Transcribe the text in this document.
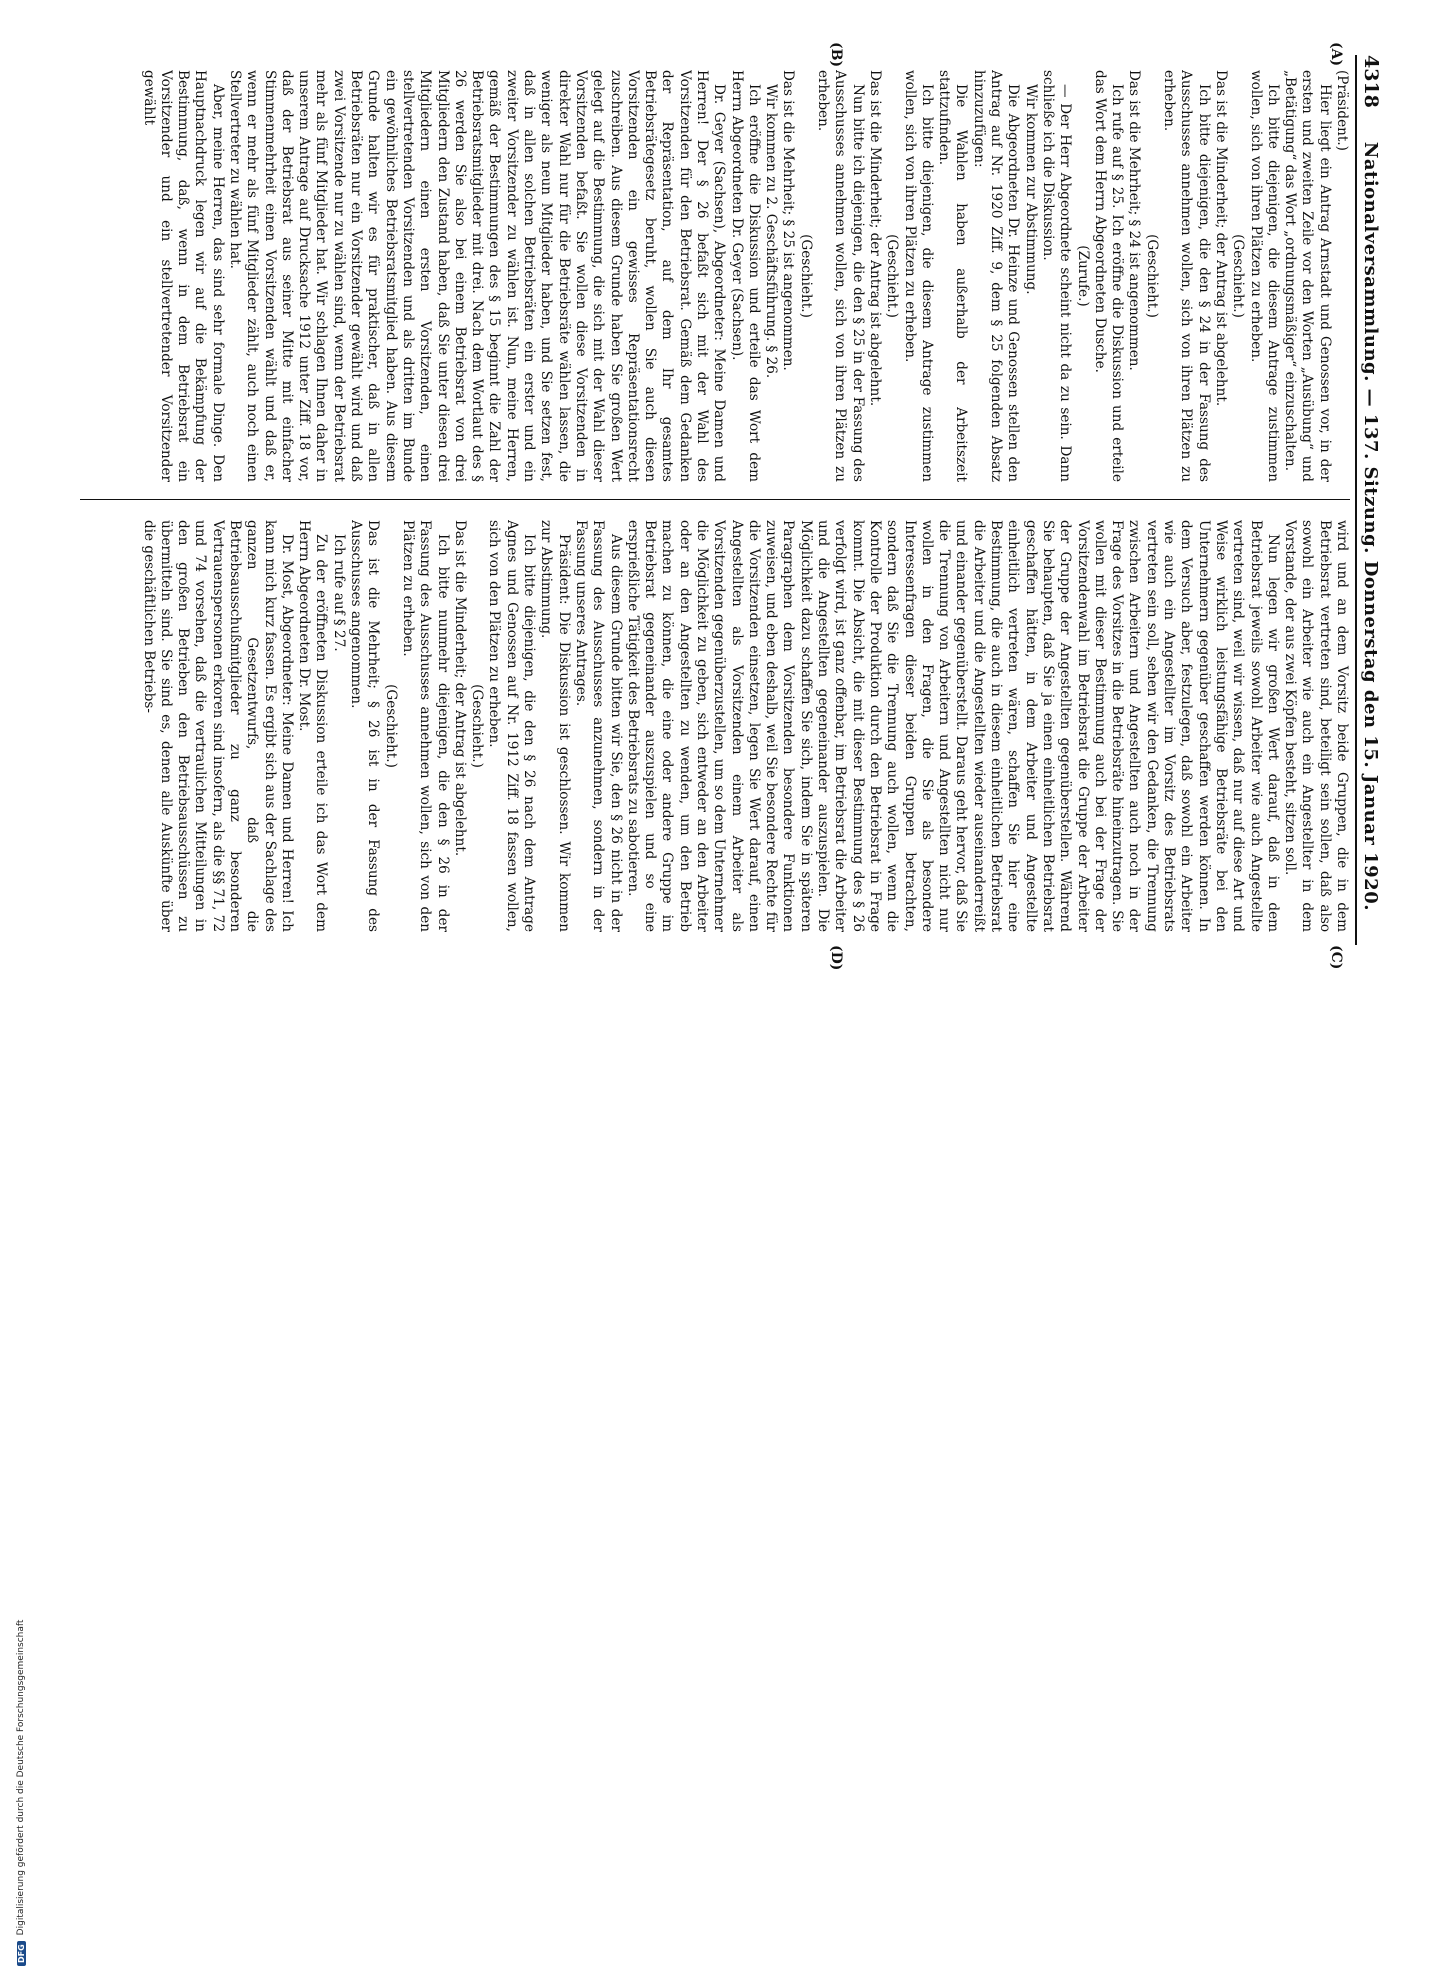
4318
Nationalversammlung. — 137. Sitzung. Donnerstag den 15. Januar 1920.
(A)
(B)
(C)
(D)

(Präsident.)

Hier liegt ein Antrag Arnstadt und Genossen vor, in der ersten und zweiten Zeile vor den Worten „Ausübung“ und „Betätigung“ das Wort „ordnungsmäßiger“ einzuschalten.

Ich bitte diejenigen, die diesem Antrage zustimmen wollen, sich von ihren Plätzen zu erheben.

(Geschieht.)

Das ist die Minderheit; der Antrag ist abgelehnt.

Ich bitte diejenigen, die den § 24 in der Fassung des Ausschusses annehmen wollen, sich von ihren Plätzen zu erheben.

(Geschieht.)

Das ist die Mehrheit; § 24 ist angenommen.

Ich rufe auf § 25. Ich eröffne die Diskussion und erteile das Wort dem Herrn Abgeordneten Dusche.

(Zurufe.)

— Der Herr Abgeordnete scheint nicht da zu sein. Dann schließe ich die Diskussion.

Wir kommen zur Abstimmung.

Die Abgeordneten Dr. Heinze und Genossen stellen den Antrag auf Nr. 1920 Ziff. 9, dem § 25 folgenden Absatz hinzuzufügen:

Die Wahlen haben außerhalb der Arbeitszeit stattzufinden.

Ich bitte diejenigen, die diesem Antrage zustimmen wollen, sich von ihren Plätzen zu erheben.

(Geschieht.)

Das ist die Minderheit; der Antrag ist abgelehnt.

Nun bitte ich diejenigen, die den § 25 in der Fassung des Ausschusses annehmen wollen, sich von ihren Plätzen zu erheben.

(Geschieht.)

Das ist die Mehrheit; § 25 ist angenommen.

Wir kommen zu 2. Geschäftsführung. § 26.

Ich eröffne die Diskussion und erteile das Wort dem Herrn Abgeordneten Dr. Geyer (Sachsen).

Dr. Geyer (Sachsen), Abgeordneter: Meine Damen und Herren! Der § 26 befaßt sich mit der Wahl des Vorsitzenden für den Betriebsrat. Gemäß dem Gedanken der Repräsentation, auf dem Ihr gesamtes Betriebsrätegesetz beruht, wollen Sie auch diesen Vorsitzenden ein gewisses Repräsentationsrecht zuschreiben. Aus diesem Grunde haben Sie großen Wert gelegt auf die Bestimmung, die sich mit der Wahl dieser Vorsitzenden befaßt. Sie wollen diese Vorsitzenden in direkter Wahl nur für die Betriebsräte wählen lassen, die weniger als neun Mitglieder haben, und Sie setzen fest, daß in allen solchen Betriebsräten ein erster und ein zweiter Vorsitzender zu wählen ist. Nun, meine Herren, gemäß der Bestimmungen des § 15 beginnt die Zahl der Betriebsratsmitglieder mit drei. Nach dem Wortlaut des § 26 werden Sie also bei einem Betriebsrat von drei Mitgliedern den Zustand haben, daß Sie unter diesen drei Mitgliedern einen ersten Vorsitzenden, einen stellvertretenden Vorsitzenden und als dritten im Bunde ein gewöhnliches Betriebsratsmitglied haben. Aus diesem Grunde halten wir es für praktischer, daß in allen Betriebsräten nur ein Vorsitzender gewählt wird und daß zwei Vorsitzende nur zu wählen sind, wenn der Betriebsrat mehr als fünf Mitglieder hat. Wir schlagen Ihnen daher in unserem Antrage auf Drucksache 1912 unter Ziff. 18 vor, daß der Betriebsrat aus seiner Mitte mit einfacher Stimmenmehrheit einen Vorsitzenden wählt und daß er, wenn er mehr als fünf Mitglieder zählt, auch noch einen Stellvertreter zu wählen hat.

Aber, meine Herren, das sind sehr formale Dinge. Den Hauptnachdruck legen wir auf die Bekämpfung der Bestimmung, daß, wenn in dem Betriebsrat ein Vorsitzender und ein stellvertretender Vorsitzender gewählt

wird und an dem Vorsitz beide Gruppen, die in dem Betriebsrat vertreten sind, beteiligt sein sollen, daß also sowohl ein Arbeiter wie auch ein Angestellter in dem Vorstande, der aus zwei Köpfen besteht, sitzen soll.

Nun legen wir großen Wert darauf, daß in dem Betriebsrat jeweils sowohl Arbeiter wie auch Angestellte vertreten sind, weil wir wissen, daß nur auf diese Art und Weise wirklich leistungsfähige Betriebsräte bei den Unternehmern gegenüber geschaffen werden können. In dem Versuch aber, festzulegen, daß sowohl ein Arbeiter wie auch ein Angestellter im Vorsitz des Betriebsrats vertreten sein soll, sehen wir den Gedanken, die Trennung zwischen Arbeitern und Angestellten auch noch in der Frage des Vorsitzes in die Betriebsräte hineinzutragen. Sie wollen mit dieser Bestimmung auch bei der Frage der Vorsitzendenwahl im Betriebsrat die Gruppe der Arbeiter der Gruppe der Angestellten gegenüberstellen. Während Sie behaupten, daß Sie ja einen einheitlichen Betriebsrat geschaffen hätten, in dem Arbeiter und Angestellte einheitlich vertreten wären, schaffen Sie hier eine Bestimmung, die auch in diesem einheitlichen Betriebsrat die Arbeiter und die Angestellten wieder auseinanderreißt und einander gegenüberstellt. Daraus geht hervor, daß Sie die Trennung von Arbeitern und Angestellten nicht nur wollen in den Fragen, die Sie als besondere Interessenfragen dieser beiden Gruppen betrachten, sondern daß Sie die Trennung auch wollen, wenn die Kontrolle der Produktion durch den Betriebsrat in Frage kommt. Die Absicht, die mit dieser Bestimmung des § 26 verfolgt wird, ist ganz offenbar, im Betriebsrat die Arbeiter und die Angestellten gegeneinander auszuspielen. Die Möglichkeit dazu schaffen Sie sich, indem Sie in späteren Paragraphen dem Vorsitzenden besondere Funktionen zuweisen, und eben deshalb, weil Sie besondere Rechte für die Vorsitzenden einsetzen, legen Sie Wert darauf, einen Angestellten als Vorsitzenden einem Arbeiter als Vorsitzenden gegenüberzustellen, um so dem Unternehmer die Möglichkeit zu geben, sich entweder an den Arbeiter oder an den Angestellten zu wenden, um den Betrieb machen zu können, die eine oder andere Gruppe im Betriebsrat gegeneinander auszuspielen und so eine ersprießliche Tätigkeit des Betriebsrats zu sabotieren.

Aus diesem Grunde bitten wir Sie, den § 26 nicht in der Fassung des Ausschusses anzunehmen, sondern in der Fassung unseres Antrages.

Präsident: Die Diskussion ist geschlossen. Wir kommen zur Abstimmung.

Ich bitte diejenigen, die den § 26 nach dem Antrage Agnes und Genossen auf Nr. 1912 Ziff. 18 fassen wollen, sich von den Plätzen zu erheben.

(Geschieht.)

Das ist die Minderheit; der Antrag ist abgelehnt.

Ich bitte nunmehr diejenigen, die den § 26 in der Fassung des Ausschusses annehmen wollen, sich von den Plätzen zu erheben.

(Geschieht.)

Das ist die Mehrheit; § 26 ist in der Fassung des Ausschusses angenommen.

Ich rufe auf § 27.

Zu der eröffneten Diskussion erteile ich das Wort dem Herrn Abgeordneten Dr. Most.

Dr. Most, Abgeordneter: Meine Damen und Herren! Ich kann mich kurz fassen. Es ergibt sich aus der Sachlage des ganzen Gesetzentwurfs, daß die Betriebsausschußmitglieder zu ganz besonderen Vertrauenspersonen erkoren sind insofern, als die §§ 71, 72 und 74 vorsehen, daß die vertraulichen Mitteilungen in den großen Betrieben den Betriebsausschüssen zu übermitteln sind. Sie sind es, denen alle Auskünfte über die geschäftlichen Betriebs-

DFG
Digitalisierung gefördert durch die Deutsche Forschungsgemeinschaft
